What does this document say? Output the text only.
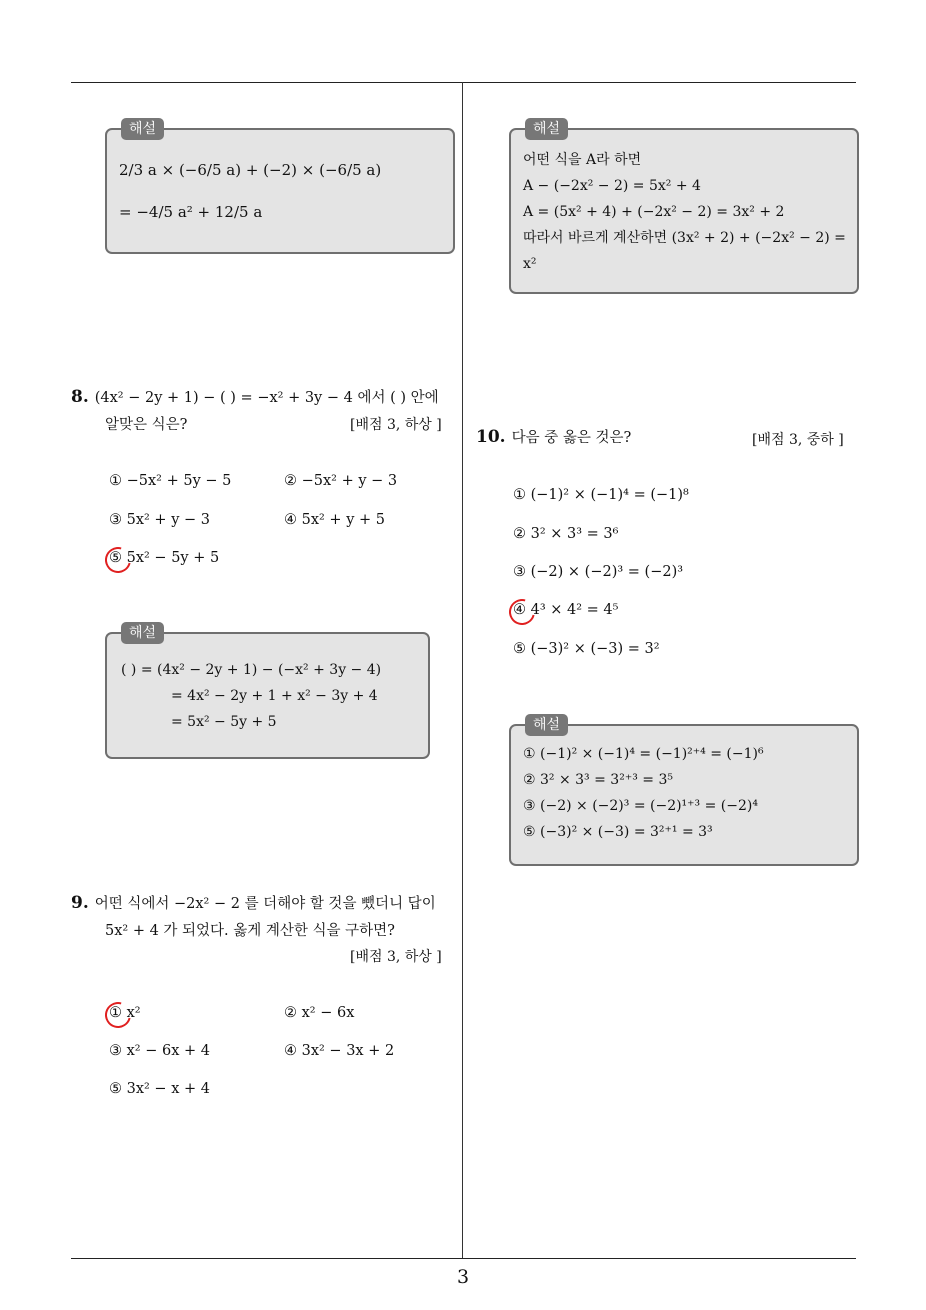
해설
2/3 a × (−6/5 a) + (−2) × (−6/5 a)
= −4/5 a² + 12/5 a
해설
어떤 식을 A라 하면
A − (−2x² − 2) = 5x² + 4
A = (5x² + 4) + (−2x² − 2) = 3x² + 2
따라서 바르게 계산하면 (3x² + 2) + (−2x² − 2) =
x²
8. (4x² − 2y + 1) − ( ) = −x² + 3y − 4 에서 ( ) 안에
알맞은 식은?	[배점 3, 하상 ]
① −5x² + 5y − 5	② −5x² + y − 3
③ 5x² + y − 3	④ 5x² + y + 5
⑤ 5x² − 5y + 5
해설
( ) = (4x² − 2y + 1) − (−x² + 3y − 4)
= 4x² − 2y + 1 + x² − 3y + 4
= 5x² − 5y + 5
9. 어떤 식에서 −2x² − 2 를 더해야 할 것을 뺐더니 답이
5x² + 4 가 되었다. 옳게 계산한 식을 구하면?
[배점 3, 하상 ]
① x²	② x² − 6x
③ x² − 6x + 4	④ 3x² − 3x + 2
⑤ 3x² − x + 4
10. 다음 중 옳은 것은?	[배점 3, 중하 ]
① (−1)² × (−1)⁴ = (−1)⁸
② 3² × 3³ = 3⁶
③ (−2) × (−2)³ = (−2)³
④ 4³ × 4² = 4⁵
⑤ (−3)² × (−3) = 3²
해설
① (−1)² × (−1)⁴ = (−1)²⁺⁴ = (−1)⁶
② 3² × 3³ = 3²⁺³ = 3⁵
③ (−2) × (−2)³ = (−2)¹⁺³ = (−2)⁴
⑤ (−3)² × (−3) = 3²⁺¹ = 3³
3
